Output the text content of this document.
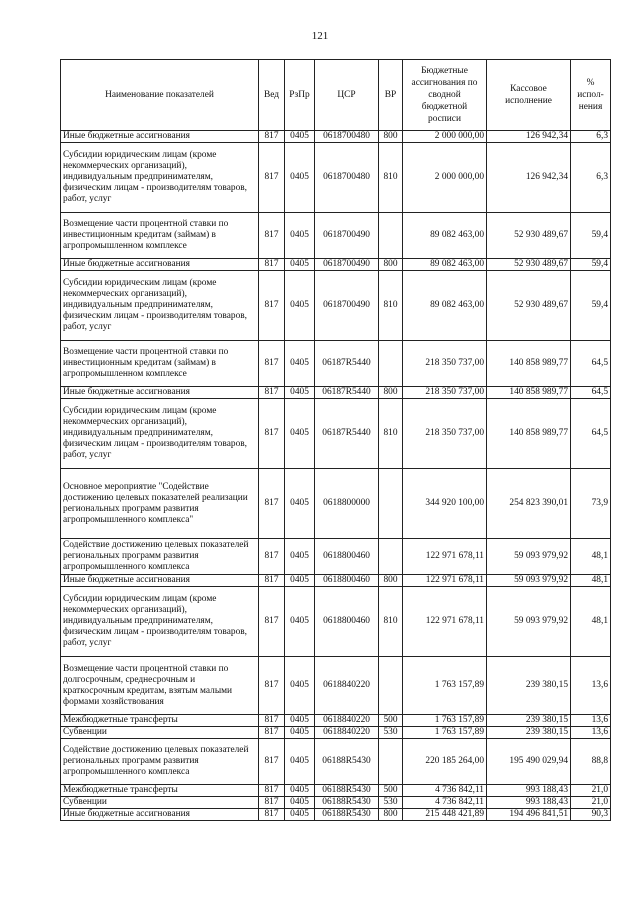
121
Наименование показателей	Вед	РзПр	ЦСР	ВР	Бюджетные ассигнования по сводной бюджетной росписи	Кассовое исполнение	% испол-нения
Иные бюджетные ассигнования	817	0405	0618700480	800	2 000 000,00	126 942,34	6,3
Субсидии юридическим лицам (кроме некоммерческих организаций), индивидуальным предпринимателям, физическим лицам - производителям товаров, работ, услуг	817	0405	0618700480	810	2 000 000,00	126 942,34	6,3
Возмещение части процентной ставки по инвестиционным кредитам (займам) в агропромышленном комплексе	817	0405	0618700490		89 082 463,00	52 930 489,67	59,4
Иные бюджетные ассигнования	817	0405	0618700490	800	89 082 463,00	52 930 489,67	59,4
Субсидии юридическим лицам (кроме некоммерческих организаций), индивидуальным предпринимателям, физическим лицам - производителям товаров, работ, услуг	817	0405	0618700490	810	89 082 463,00	52 930 489,67	59,4
Возмещение части процентной ставки по инвестиционным кредитам (займам) в агропромышленном комплексе	817	0405	06187R5440		218 350 737,00	140 858 989,77	64,5
Иные бюджетные ассигнования	817	0405	06187R5440	800	218 350 737,00	140 858 989,77	64,5
Субсидии юридическим лицам (кроме некоммерческих организаций), индивидуальным предпринимателям, физическим лицам - производителям товаров, работ, услуг	817	0405	06187R5440	810	218 350 737,00	140 858 989,77	64,5
Основное мероприятие "Содействие достижению целевых показателей реализации региональных программ развития агропромышленного комплекса"	817	0405	0618800000		344 920 100,00	254 823 390,01	73,9
Содействие достижению целевых показателей региональных программ развития агропромышленного комплекса	817	0405	0618800460		122 971 678,11	59 093 979,92	48,1
Иные бюджетные ассигнования	817	0405	0618800460	800	122 971 678,11	59 093 979,92	48,1
Субсидии юридическим лицам (кроме некоммерческих организаций), индивидуальным предпринимателям, физическим лицам - производителям товаров, работ, услуг	817	0405	0618800460	810	122 971 678,11	59 093 979,92	48,1
Возмещение части процентной ставки по долгосрочным, среднесрочным и краткосрочным кредитам, взятым малыми формами хозяйствования	817	0405	0618840220		1 763 157,89	239 380,15	13,6
Межбюджетные трансферты	817	0405	0618840220	500	1 763 157,89	239 380,15	13,6
Субвенции	817	0405	0618840220	530	1 763 157,89	239 380,15	13,6
Содействие достижению целевых показателей региональных программ развития агропромышленного комплекса	817	0405	06188R5430		220 185 264,00	195 490 029,94	88,8
Межбюджетные трансферты	817	0405	06188R5430	500	4 736 842,11	993 188,43	21,0
Субвенции	817	0405	06188R5430	530	4 736 842,11	993 188,43	21,0
Иные бюджетные ассигнования	817	0405	06188R5430	800	215 448 421,89	194 496 841,51	90,3
